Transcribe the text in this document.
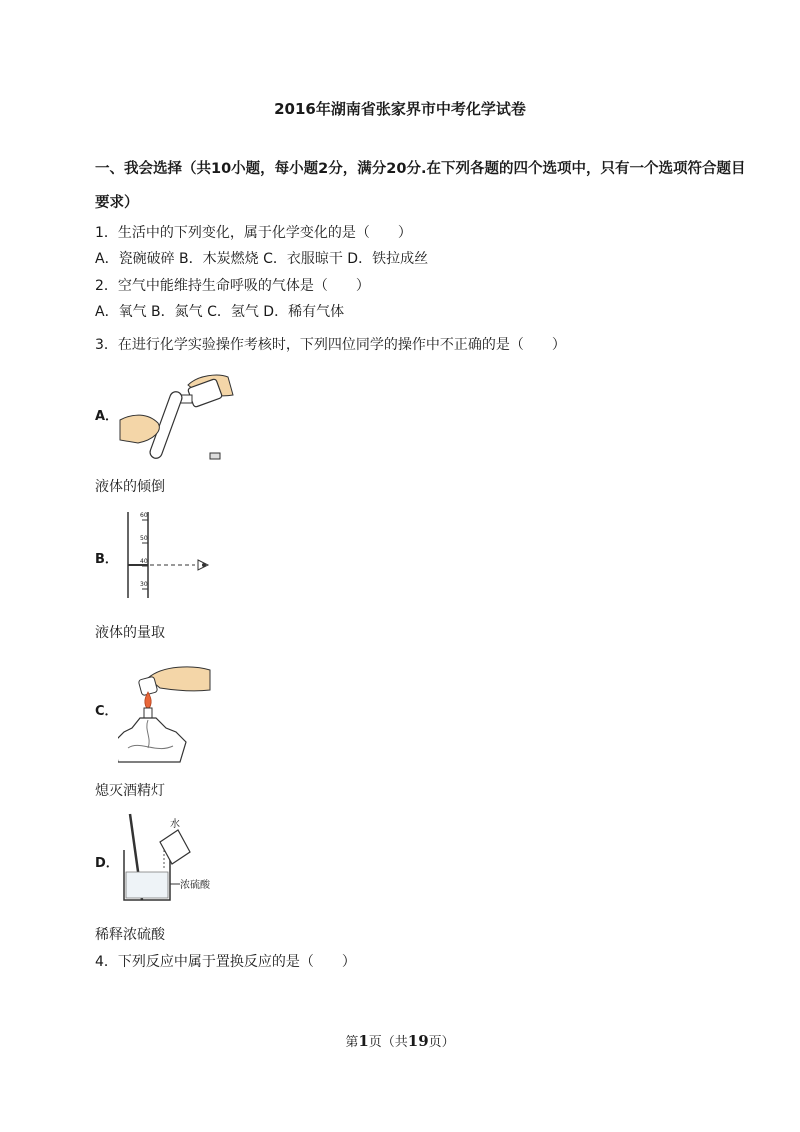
2016年湖南省张家界市中考化学试卷
一、我会选择（共10小题，每小题2分，满分20分.在下列各题的四个选项中，只有一个选项符合题目
要求）
1．生活中的下列变化，属于化学变化的是（　　）
A．瓷碗破碎 B．木炭燃烧 C．衣服晾干 D．铁拉成丝
2．空气中能维持生命呼吸的气体是（　　）
A．氧气 B．氮气 C．氢气 D．稀有气体
3．在进行化学实验操作考核时，下列四位同学的操作中不正确的是（　　）
A．
液体的倾倒
B．
60
50
40
30
液体的量取
C．
熄灭酒精灯
D．
水
浓硫酸
稀释浓硫酸
4．下列反应中属于置换反应的是（　　）
第1页（共19页）
